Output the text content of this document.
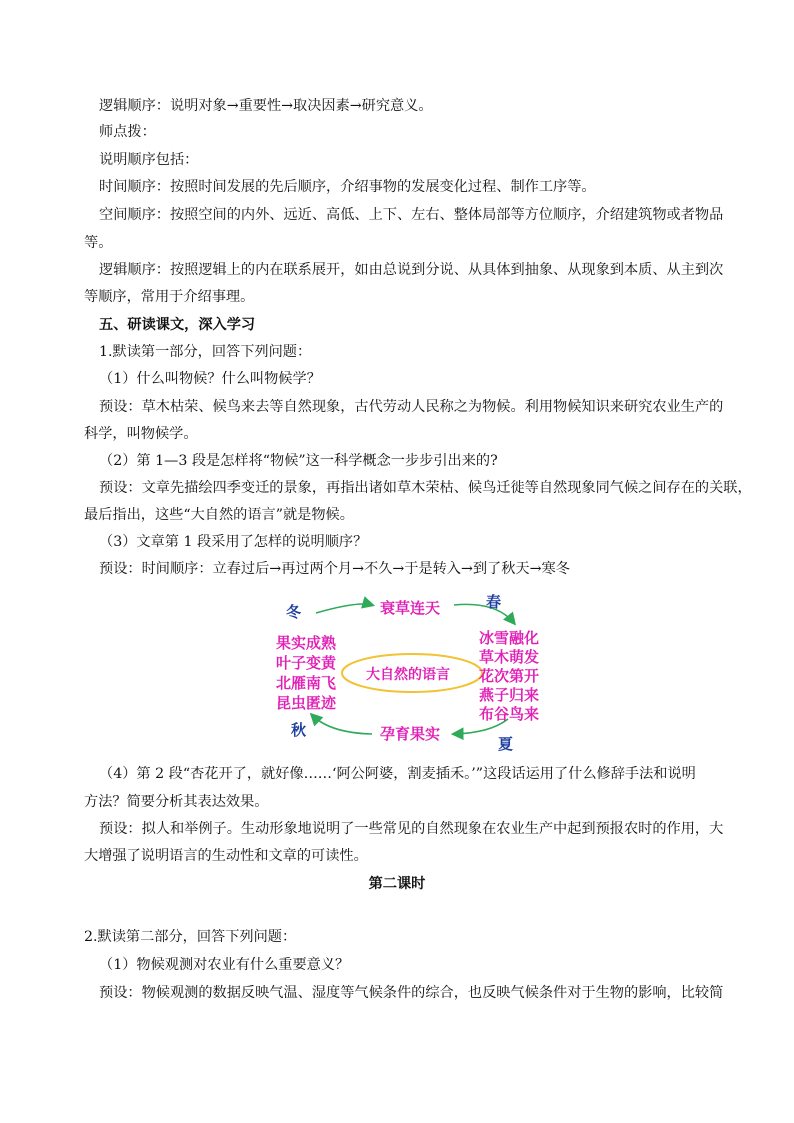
逻辑顺序：说明对象→重要性→取决因素→研究意义。
师点拨：
说明顺序包括：
时间顺序：按照时间发展的先后顺序，介绍事物的发展变化过程、制作工序等。
空间顺序：按照空间的内外、远近、高低、上下、左右、整体局部等方位顺序，介绍建筑物或者物品
等。
逻辑顺序：按照逻辑上的内在联系展开，如由总说到分说、从具体到抽象、从现象到本质、从主到次
等顺序，常用于介绍事理。
五、研读课文，深入学习
1.默读第一部分，回答下列问题：
（1）什么叫物候？什么叫物候学？
预设：草木枯荣、候鸟来去等自然现象，古代劳动人民称之为物候。利用物候知识来研究农业生产的
科学，叫物候学。
（2）第 1—3 段是怎样将“物候”这一科学概念一步步引出来的?
预设：文章先描绘四季变迁的景象，再指出诸如草木荣枯、候鸟迁徙等自然现象同气候之间存在的关联，
最后指出，这些“大自然的语言”就是物候。
（3）文章第 1 段采用了怎样的说明顺序？
预设：时间顺序：立春过后→再过两个月→不久→于是转入→到了秋天→寒冬
冬
春
秋
夏
衰草连天
孕育果实
大自然的语言
果实成熟
叶子变黄
北雁南飞
昆虫匿迹
冰雪融化
草木萌发
花次第开
燕子归来
布谷鸟来
（4）第 2 段“杏花开了，就好像……‘阿公阿婆，割麦插禾。’”这段话运用了什么修辞手法和说明
方法？简要分析其表达效果。
预设：拟人和举例子。生动形象地说明了一些常见的自然现象在农业生产中起到预报农时的作用，大
大增强了说明语言的生动性和文章的可读性。
第二课时
2.默读第二部分，回答下列问题：
（1）物候观测对农业有什么重要意义？
预设：物候观测的数据反映气温、湿度等气候条件的综合，也反映气候条件对于生物的影响，比较简
